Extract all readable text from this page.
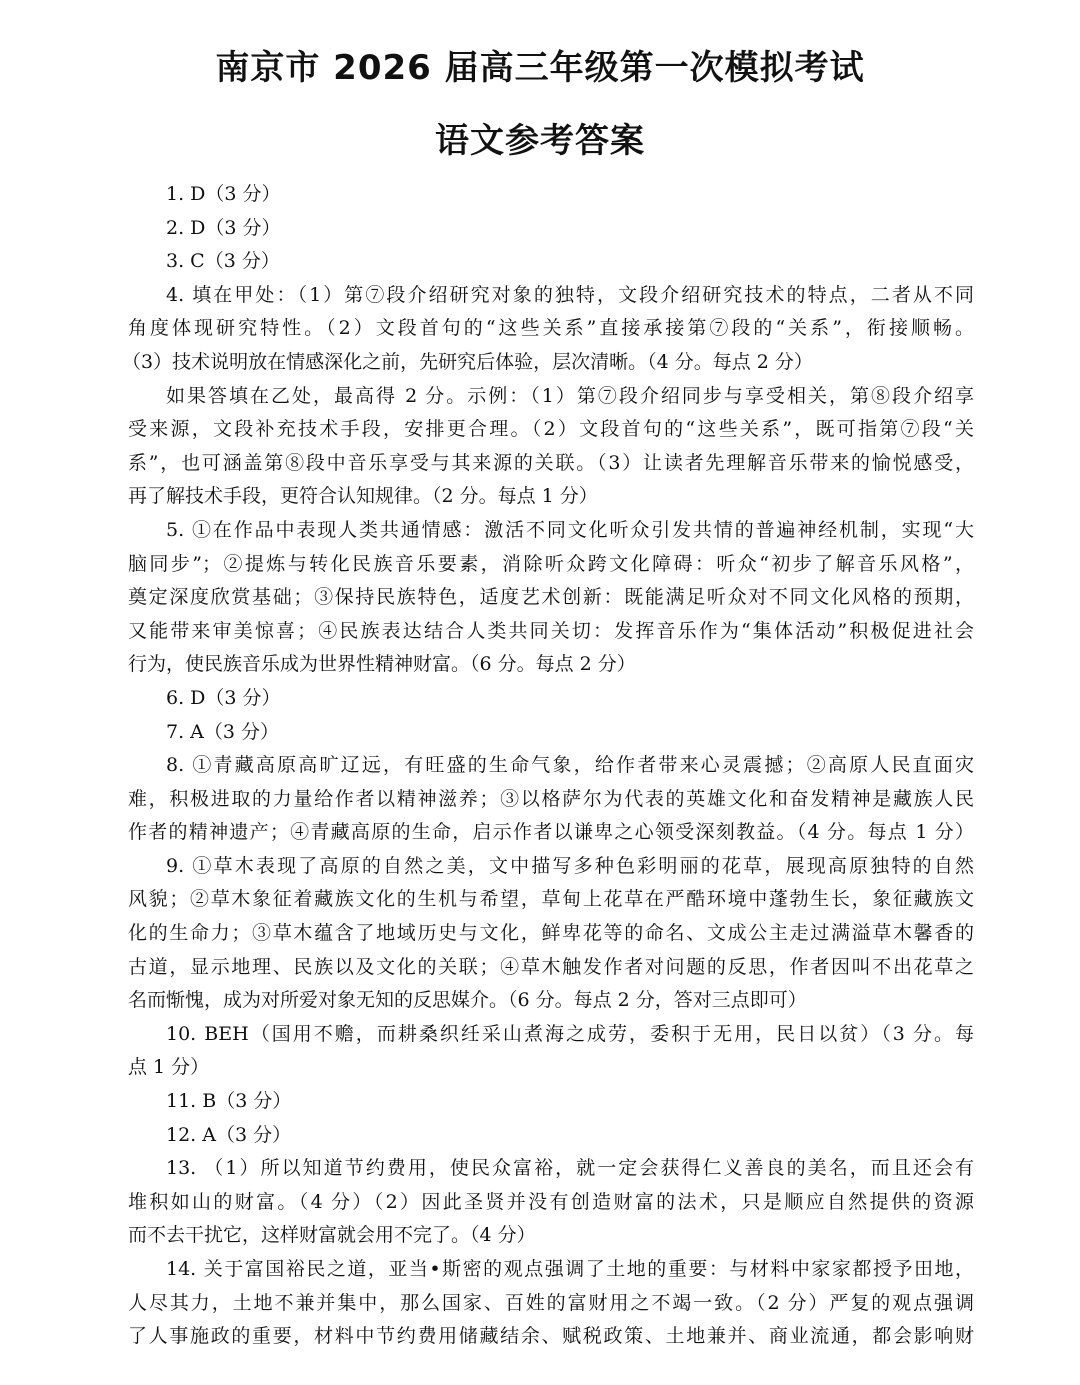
南京市 2026 届高三年级第一次模拟考试
语文参考答案
1. D（3 分）
2. D（3 分）
3. C（3 分）
4. 填在甲处：（1）第⑦段介绍研究对象的独特，文段介绍研究技术的特点，二者从不同
角度体现研究特性。（2）文段首句的“这些关系”直接承接第⑦段的“关系”，衔接顺畅。
（3）技术说明放在情感深化之前，先研究后体验，层次清晰。（4 分。每点 2 分）
如果答填在乙处，最高得 2 分。示例：（1）第⑦段介绍同步与享受相关，第⑧段介绍享
受来源，文段补充技术手段，安排更合理。（2）文段首句的“这些关系”，既可指第⑦段“关
系”，也可涵盖第⑧段中音乐享受与其来源的关联。（3）让读者先理解音乐带来的愉悦感受，
再了解技术手段，更符合认知规律。（2 分。每点 1 分）
5. ①在作品中表现人类共通情感：激活不同文化听众引发共情的普遍神经机制，实现“大
脑同步”；②提炼与转化民族音乐要素，消除听众跨文化障碍：听众“初步了解音乐风格”，
奠定深度欣赏基础；③保持民族特色，适度艺术创新：既能满足听众对不同文化风格的预期，
又能带来审美惊喜；④民族表达结合人类共同关切：发挥音乐作为“集体活动”积极促进社会
行为，使民族音乐成为世界性精神财富。（6 分。每点 2 分）
6. D（3 分）
7. A（3 分）
8. ①青藏高原高旷辽远，有旺盛的生命气象，给作者带来心灵震撼；②高原人民直面灾
难，积极进取的力量给作者以精神滋养；③以格萨尔为代表的英雄文化和奋发精神是藏族人民
作者的精神遗产；④青藏高原的生命，启示作者以谦卑之心领受深刻教益。（4 分。每点 1 分）
9. ①草木表现了高原的自然之美，文中描写多种色彩明丽的花草，展现高原独特的自然
风貌；②草木象征着藏族文化的生机与希望，草甸上花草在严酷环境中蓬勃生长，象征藏族文
化的生命力；③草木蕴含了地域历史与文化，鲜卑花等的命名、文成公主走过满溢草木馨香的
古道，显示地理、民族以及文化的关联；④草木触发作者对问题的反思，作者因叫不出花草之
名而惭愧，成为对所爱对象无知的反思媒介。（6 分。每点 2 分，答对三点即可）
10. BEH（国用不赡，而耕桑织纴采山煮海之成劳，委积于无用，民日以贫）（3 分。每
点 1 分）
11. B（3 分）
12. A（3 分）
13. （1）所以知道节约费用，使民众富裕，就一定会获得仁义善良的美名，而且还会有
堆积如山的财富。（4 分）（2）因此圣贤并没有创造财富的法术，只是顺应自然提供的资源
而不去干扰它，这样财富就会用不完了。（4 分）
14. 关于富国裕民之道，亚当•斯密的观点强调了土地的重要：与材料中家家都授予田地，
人尽其力，土地不兼并集中，那么国家、百姓的富财用之不竭一致。（2 分）严复的观点强调
了人事施政的重要，材料中节约费用储藏结余、赋税政策、土地兼并、商业流通，都会影响财
